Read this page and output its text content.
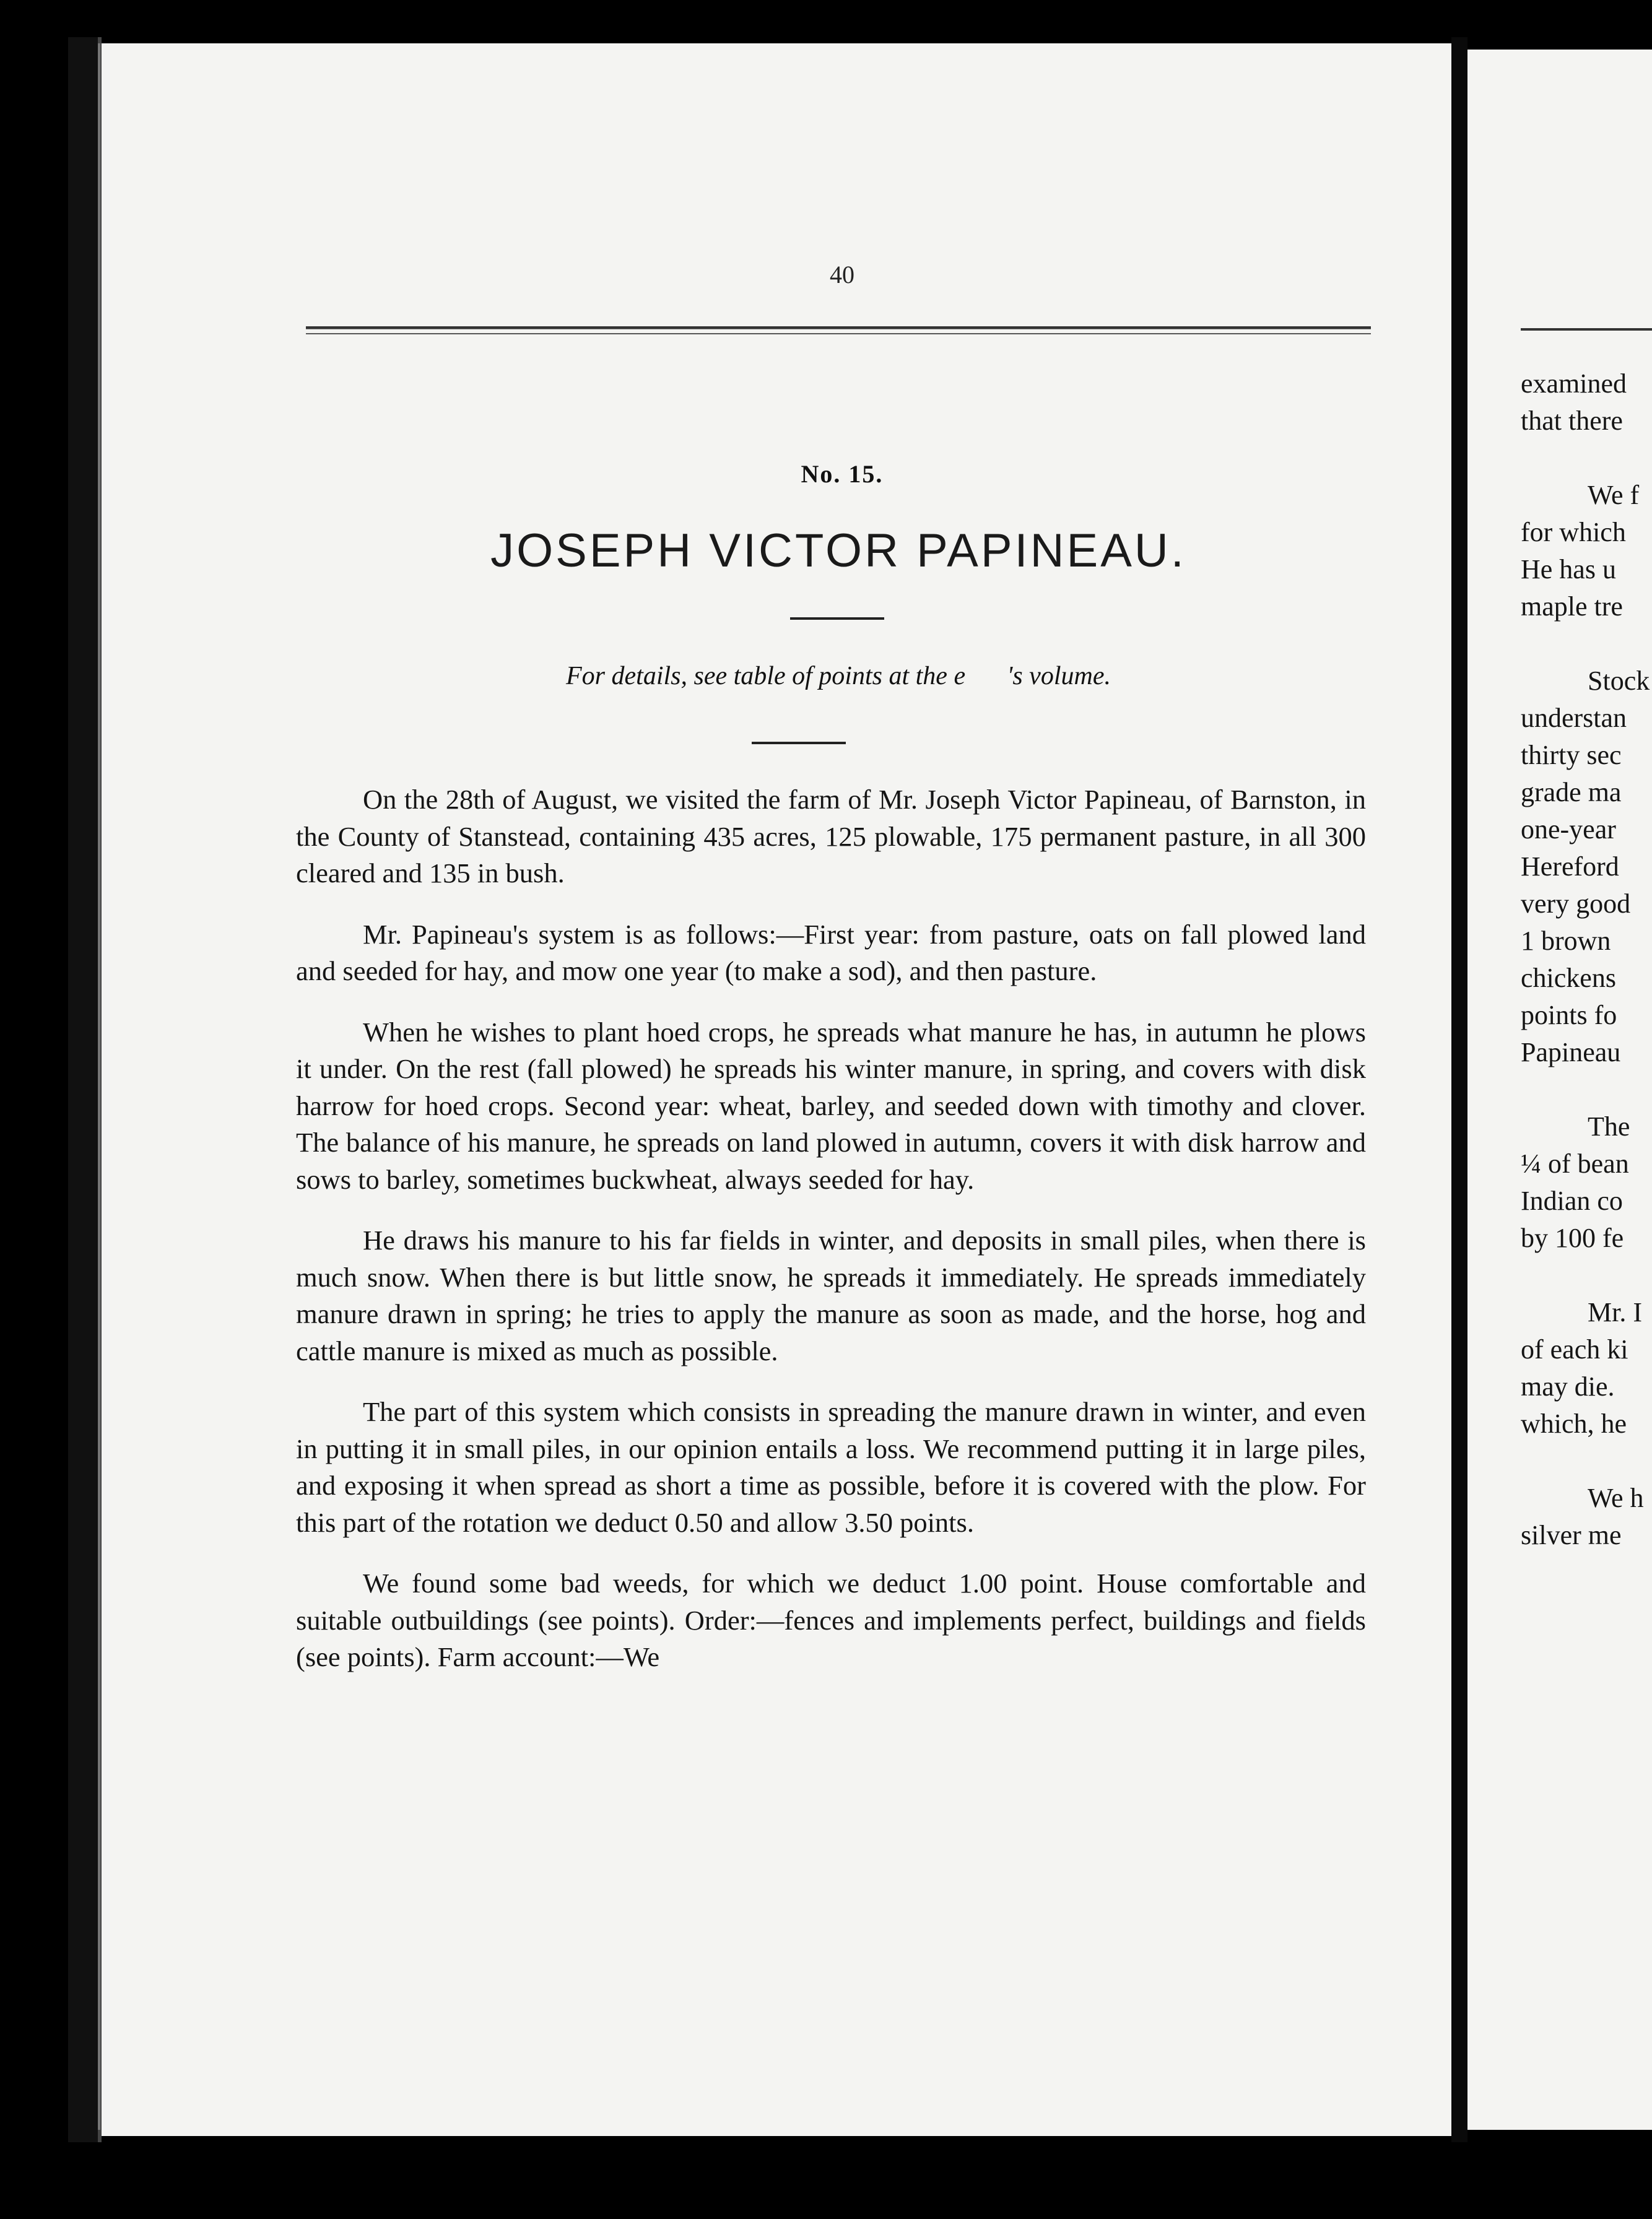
40
No. 15.
JOSEPH VICTOR PAPINEAU.
For details, see table of points at the e         's volume.

On the 28th of August, we visited the farm of Mr. Joseph Victor Papineau, of Barnston, in the County of Stanstead, containing 435 acres, 125 plowable, 175 permanent pasture, in all 300 cleared and 135 in bush.

Mr. Papineau's system is as follows:—First year: from pasture, oats on fall plowed land and seeded for hay, and mow one year (to make a sod), and then pasture.

When he wishes to plant hoed crops, he spreads what manure he has, in autumn he plows it under. On the rest (fall plowed) he spreads his winter manure, in spring, and covers with disk harrow for hoed crops. Second year: wheat, barley, and seeded down with timothy and clover. The balance of his manure, he spreads on land plowed in autumn, covers it with disk harrow and sows to barley, sometimes buckwheat, always seeded for hay.

He draws his manure to his far fields in winter, and deposits in small piles, when there is much snow. When there is but little snow, he spreads it immediately. He spreads immediately manure drawn in spring; he tries to apply the manure as soon as made, and the horse, hog and cattle manure is mixed as much as possible.

The part of this system which consists in spreading the manure drawn in winter, and even in putting it in small piles, in our opinion entails a loss. We recommend putting it in large piles, and exposing it when spread as short a time as possible, before it is covered with the plow. For this part of the rotation we deduct 0.50 and allow 3.50 points.

We found some bad weeds, for which we deduct 1.00 point. House comfortable and suitable outbuildings (see points). Order:—fences and implements perfect, buildings and fields (see points). Farm account:—We

examined
that there
We f
for which
He has u
maple tre
Stock
understan
thirty sec
grade ma
one-year
Hereford
very good
1 brown
chickens
points fo
Papineau
The
¼ of bean
Indian co
by 100 fe
Mr. I
of each ki
may die.
which, he
We h
silver me
